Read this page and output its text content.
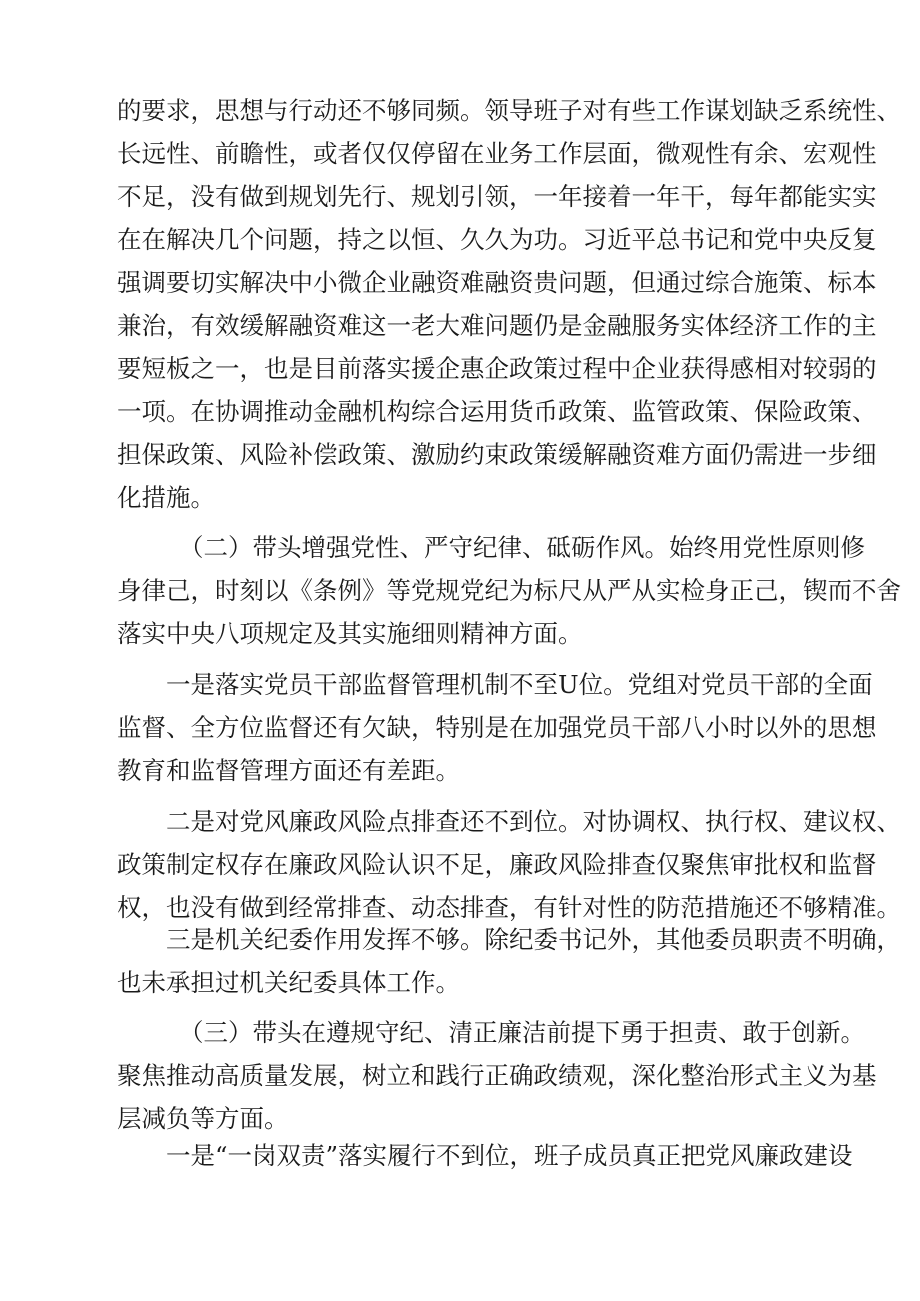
的要求，思想与行动还不够同频。领导班子对有些工作谋划缺乏系统性、
长远性、前瞻性，或者仅仅停留在业务工作层面，微观性有余、宏观性
不足，没有做到规划先行、规划引领，一年接着一年干，每年都能实实
在在解决几个问题，持之以恒、久久为功。习近平总书记和党中央反复
强调要切实解决中小微企业融资难融资贵问题，但通过综合施策、标本
兼治，有效缓解融资难这一老大难问题仍是金融服务实体经济工作的主
要短板之一，也是目前落实援企惠企政策过程中企业获得感相对较弱的
一项。在协调推动金融机构综合运用货币政策、监管政策、保险政策、
担保政策、风险补偿政策、激励约束政策缓解融资难方面仍需进一步细
化措施。
（二）带头增强党性、严守纪律、砥砺作风。始终用党性原则修
身律己，时刻以《条例》等党规党纪为标尺从严从实检身正己，锲而不舍
落实中央八项规定及其实施细则精神方面。
一是落实党员干部监督管理机制不至U位。党组对党员干部的全面
监督、全方位监督还有欠缺，特别是在加强党员干部八小时以外的思想
教育和监督管理方面还有差距。
二是对党风廉政风险点排查还不到位。对协调权、执行权、建议权、
政策制定权存在廉政风险认识不足，廉政风险排查仅聚焦审批权和监督
权，也没有做到经常排查、动态排查，有针对性的防范措施还不够精准。
三是机关纪委作用发挥不够。除纪委书记外，其他委员职责不明确，
也未承担过机关纪委具体工作。
（三）带头在遵规守纪、清正廉洁前提下勇于担责、敢于创新。
聚焦推动高质量发展，树立和践行正确政绩观，深化整治形式主义为基
层减负等方面。
一是“一岗双责”落实履行不到位，班子成员真正把党风廉政建设
